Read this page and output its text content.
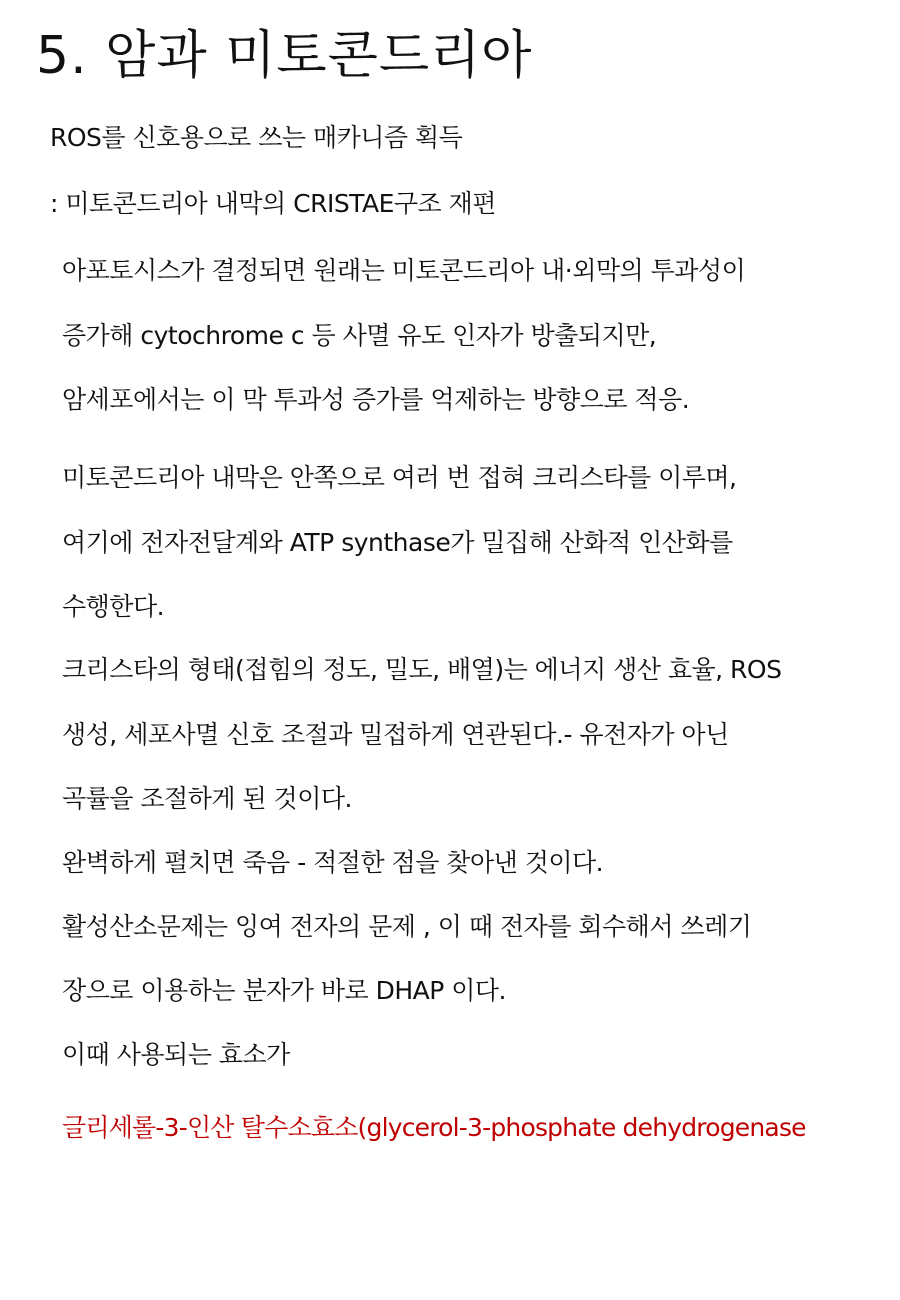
5. 암과 미토콘드리아
ROS를 신호용으로 쓰는 매카니즘 획득
: 미토콘드리아 내막의 CRISTAE구조 재편
아포토시스가 결정되면 원래는 미토콘드리아 내·외막의 투과성이
증가해 cytochrome c 등 사멸 유도 인자가 방출되지만,
암세포에서는 이 막 투과성 증가를 억제하는 방향으로 적응.
미토콘드리아 내막은 안쪽으로 여러 번 접혀 크리스타를 이루며,
여기에 전자전달계와 ATP synthase가 밀집해 산화적 인산화를
수행한다.
크리스타의 형태(접힘의 정도, 밀도, 배열)는 에너지 생산 효율, ROS
생성, 세포사멸 신호 조절과 밀접하게 연관된다.- 유전자가 아닌
곡률을 조절하게 된 것이다.
완벽하게 펼치면 죽음 - 적절한 점을 찾아낸 것이다.
활성산소문제는 잉여 전자의 문제 , 이 때 전자를 회수해서 쓰레기
장으로 이용하는 분자가 바로 DHAP 이다.
이때 사용되는 효소가
글리세롤-3-인산 탈수소효소(glycerol-3-phosphate dehydrogenase
